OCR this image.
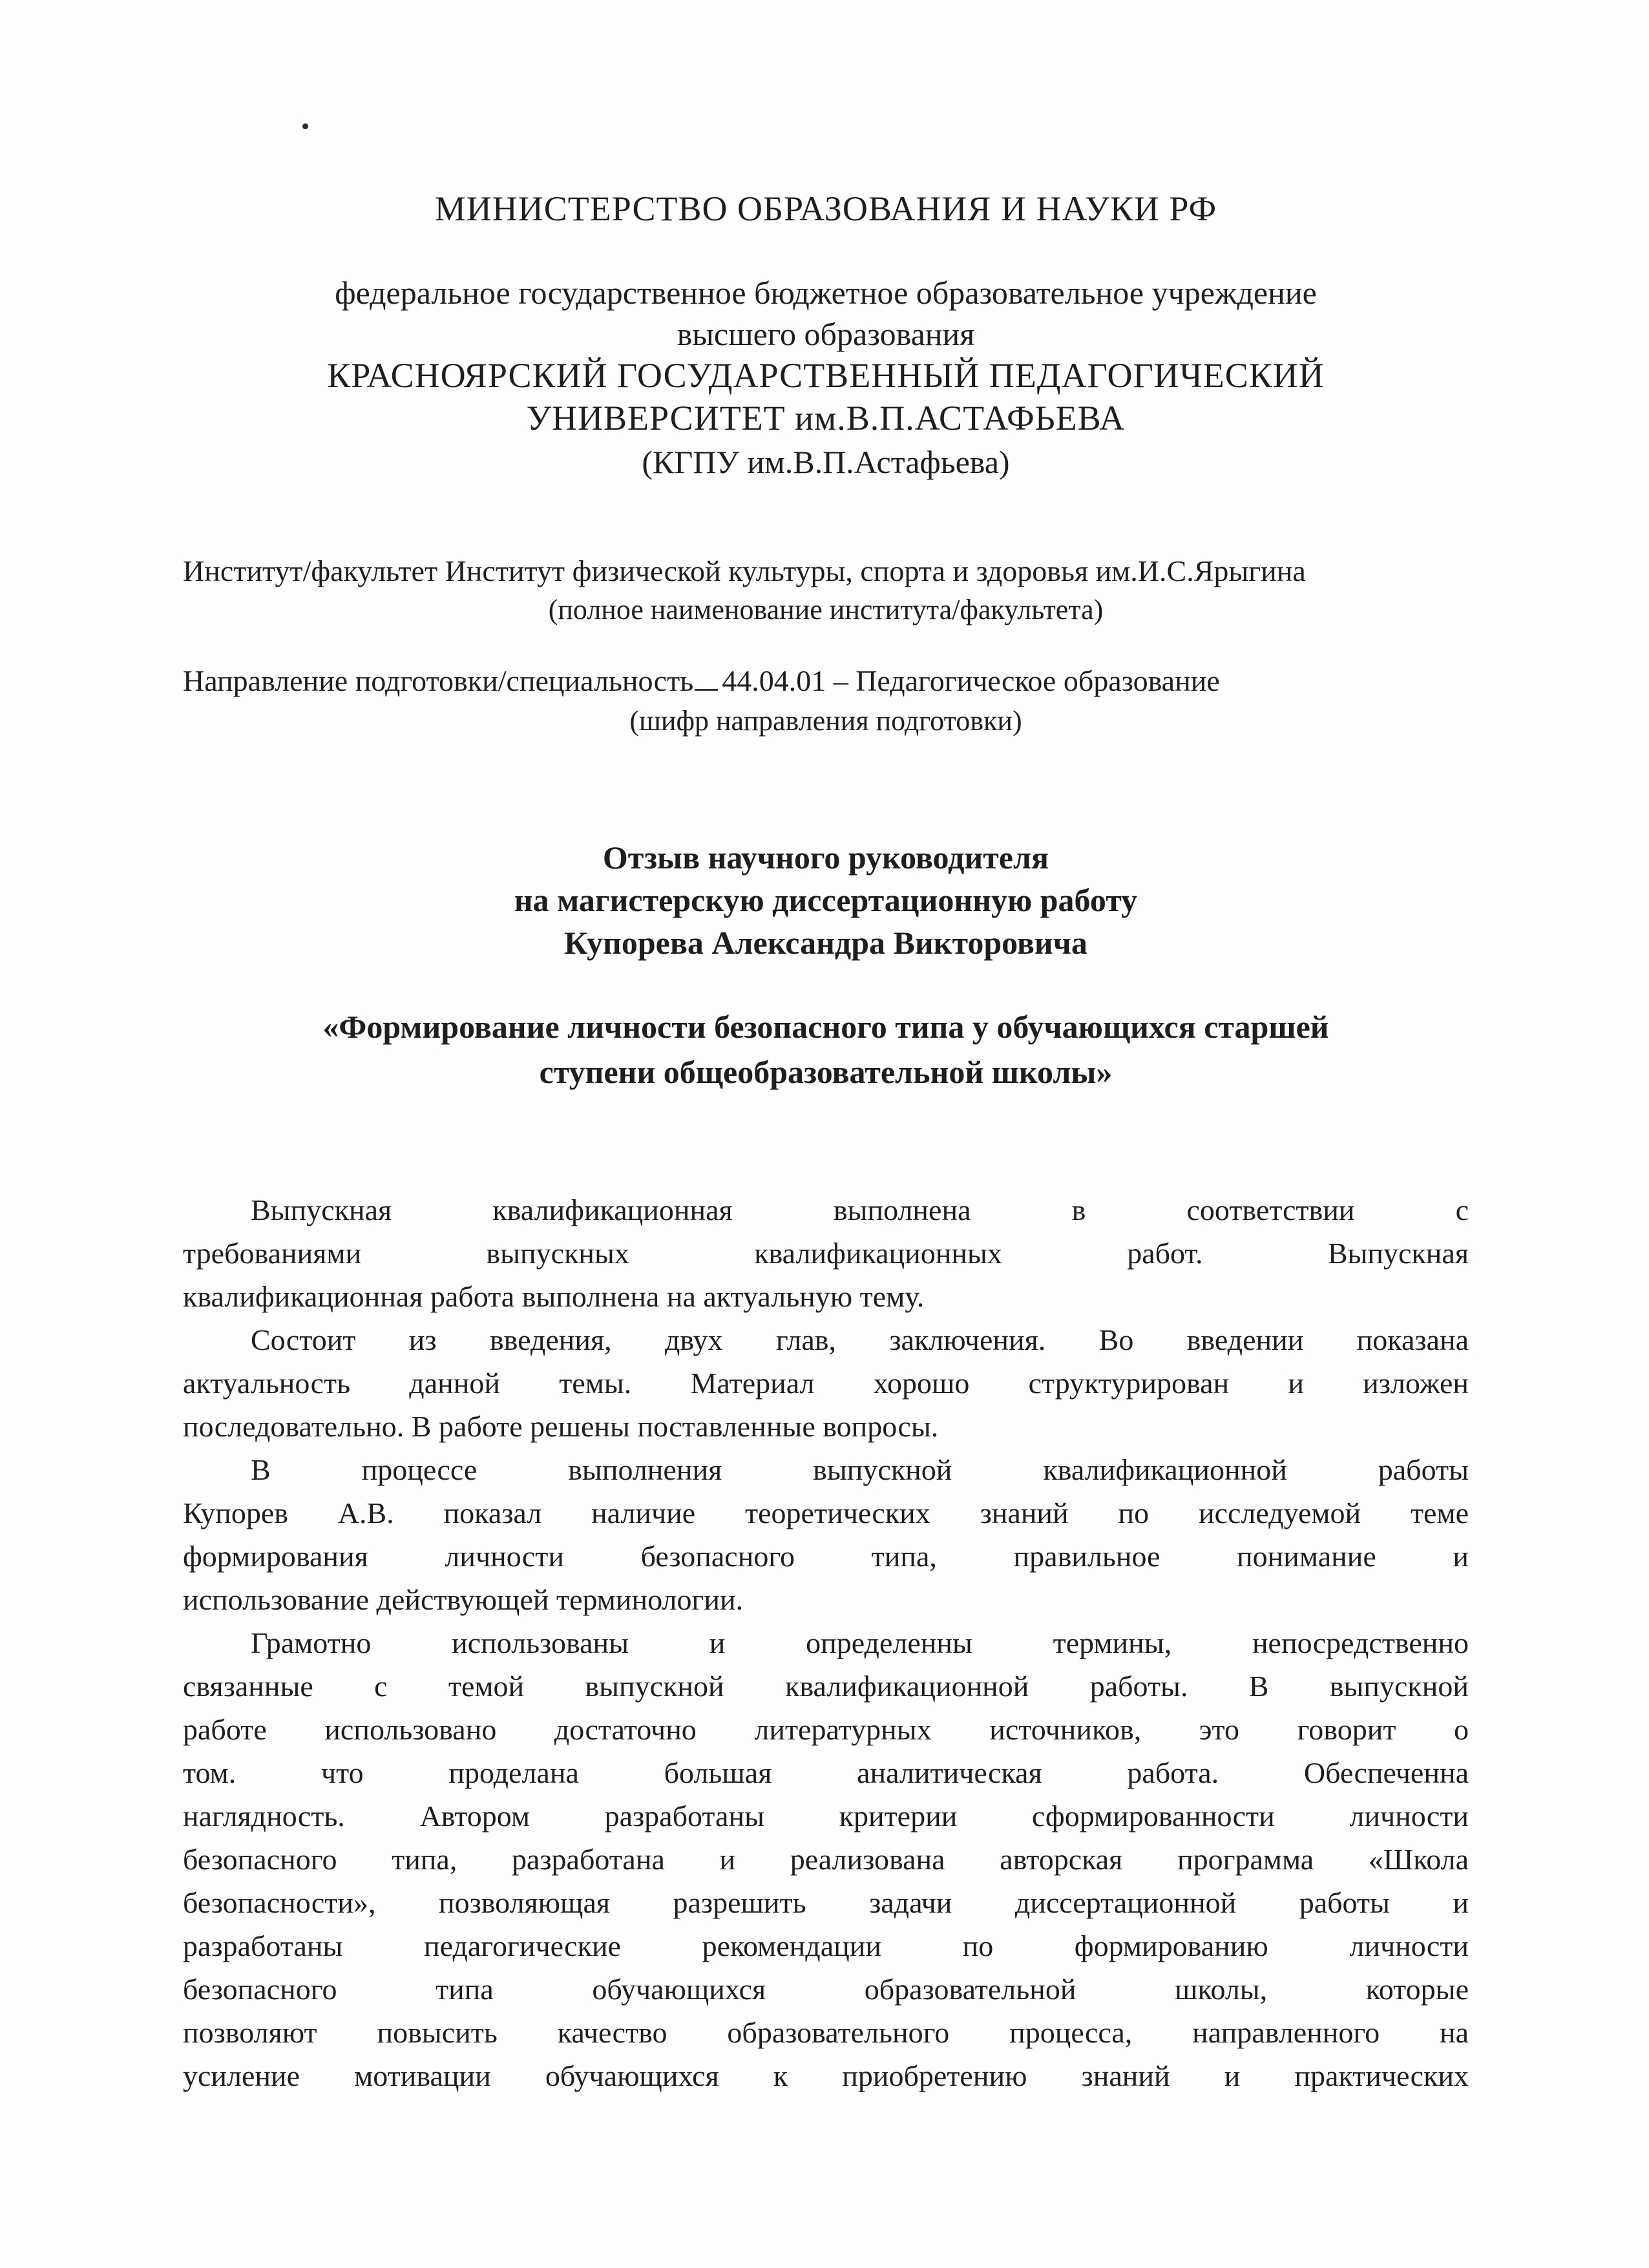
МИНИСТЕРСТВО ОБРАЗОВАНИЯ И НАУКИ РФ
федеральное государственное бюджетное образовательное учреждение
высшего образования
КРАСНОЯРСКИЙ ГОСУДАРСТВЕННЫЙ ПЕДАГОГИЧЕСКИЙ
УНИВЕРСИТЕТ им.В.П.АСТАФЬЕВА
(КГПУ им.В.П.Астафьева)
Институт/факультет Институт физической культуры, спорта и здоровья им.И.С.Ярыгина
(полное наименование института/факультета)
Направление подготовки/специальность 44.04.01 – Педагогическое образование
(шифр направления подготовки)
Отзыв научного руководителя
на магистерскую диссертационную работу
Купорева Александра Викторовича
«Формирование личности безопасного типа у обучающихся старшей
ступени общеобразовательной школы»
Выпускная квалификационная выполнена в соответствии с
требованиями выпускных квалификационных работ. Выпускная
квалификационная работа выполнена на актуальную тему.
Состоит из введения, двух глав, заключения. Во введении показана
актуальность данной темы. Материал хорошо структурирован и изложен
последовательно. В работе решены поставленные вопросы.
В процессе выполнения выпускной квалификационной работы
Купорев А.В. показал наличие теоретических знаний по исследуемой теме
формирования личности безопасного типа, правильное понимание и
использование действующей терминологии.
Грамотно использованы и определенны термины, непосредственно
связанные с темой выпускной квалификационной работы. В выпускной
работе использовано достаточно литературных источников, это говорит о
том. что проделана большая аналитическая работа. Обеспеченна
наглядность. Автором разработаны критерии сформированности личности
безопасного типа, разработана и реализована авторская программа «Школа
безопасности», позволяющая разрешить задачи диссертационной работы и
разработаны педагогические рекомендации по формированию личности
безопасного типа обучающихся образовательной школы, которые
позволяют повысить качество образовательного процесса, направленного на
усиление мотивации обучающихся к приобретению знаний и практических
